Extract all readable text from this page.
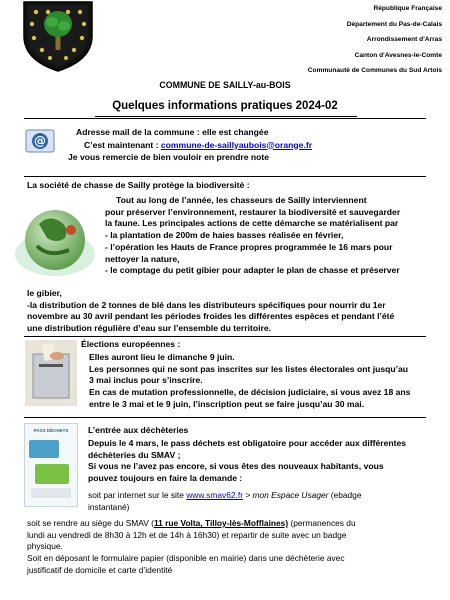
République Française
Département du Pas-de-Calais
Arrondissement d'Arras
Canton d'Avesnes-le-Comte
Communauté de Communes du Sud Artois
COMMUNE DE SAILLY-au-BOIS
Quelques informations pratiques 2024-02
@
Adresse mail de la commune : elle est changée
C’est maintenant : commune-de-saillyaubois@orange.fr
Je vous remercie de bien vouloir en prendre note
La société de chasse de Sailly protège la biodiversité :
Tout au long de l’année, les chasseurs de Sailly interviennent
pour préserver l’environnement, restaurer la biodiversité et sauvegarder
la faune. Les principales actions de cette démarche se matérialisent par
- la plantation de 200m de haies basses réalisée en février,
- l’opération les Hauts de France propres programmée le 16 mars pour
nettoyer la nature,
- le comptage du petit gibier pour adapter le plan de chasse et préserver
le gibier,
-la distribution de 2 tonnes de blé dans les distributeurs spécifiques pour nourrir du 1er
novembre au 30 avril pendant les périodes froides les différentes espèces et pendant l’été
une distribution régulière d’eau sur l’ensemble du territoire.
Élections européennes :
Elles auront lieu le dimanche 9 juin.
Les personnes qui ne sont pas inscrites sur les listes électorales ont jusqu’au
3 mai inclus pour s’inscrire.
En cas de mutation professionnelle, de décision judiciaire, si vous avez 18 ans
entre le 3 mai et le 9 juin, l’inscription peut se faire jusqu’au 30 mai.
PASS DÉCHETS	L’entrée aux déchèteries
Depuis le 4 mars, le pass déchets est obligatoire pour accéder aux différentes
déchèteries du SMAV ;
Si vous ne l’avez pas encore, si vous êtes des nouveaux habitants, vous
pouvez toujours en faire la demande :
soit par internet sur le site www.smav62.fr > mon Espace Usager (ebadge
instantané)
soit se rendre au siège du SMAV (11 rue Volta, Tilloy-lès-Mofflaines) (permanences du
lundi au vendredi de 8h30 à 12h et de 14h à 16h30) et repartir de suite avec un badge
physique.
Soit en déposant le formulaire papier (disponible en mairie) dans une déchèterie avec
justificatif de domicile et carte d’identité
